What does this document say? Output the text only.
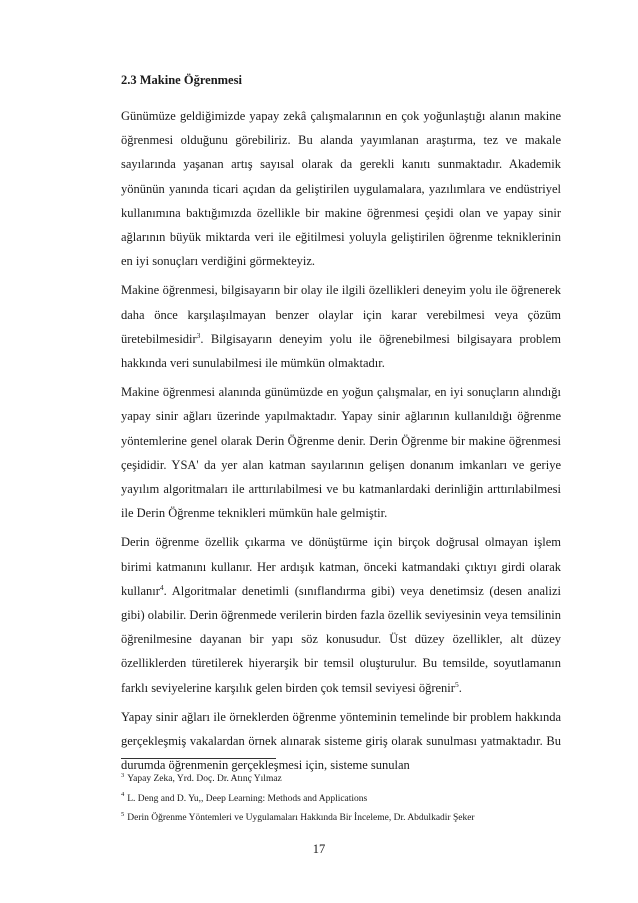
2.3 Makine Öğrenmesi

Günümüze geldiğimizde yapay zekâ çalışmalarının en çok yoğunlaştığı alanın makine öğrenmesi olduğunu görebiliriz. Bu alanda yayımlanan araştırma, tez ve makale sayılarında yaşanan artış sayısal olarak da gerekli kanıtı sunmaktadır. Akademik yönünün yanında ticari açıdan da geliştirilen uygulamalara, yazılımlara ve endüstriyel kullanımına baktığımızda özellikle bir makine öğrenmesi çeşidi olan ve yapay sinir ağlarının büyük miktarda veri ile eğitilmesi yoluyla geliştirilen öğrenme tekniklerinin en iyi sonuçları verdiğini görmekteyiz.

Makine öğrenmesi, bilgisayarın bir olay ile ilgili özellikleri deneyim yolu ile öğrenerek daha önce karşılaşılmayan benzer olaylar için karar verebilmesi veya çözüm üretebilmesidir$^3$. Bilgisayarın deneyim yolu ile öğrenebilmesi bilgisayara problem hakkında veri sunulabilmesi ile mümkün olmaktadır.

Makine öğrenmesi alanında günümüzde en yoğun çalışmalar, en iyi sonuçların alındığı yapay sinir ağları üzerinde yapılmaktadır. Yapay sinir ağlarının kullanıldığı öğrenme yöntemlerine genel olarak Derin Öğrenme denir. Derin Öğrenme bir makine öğrenmesi çeşididir. YSA' da yer alan katman sayılarının gelişen donanım imkanları ve geriye yayılım algoritmaları ile arttırılabilmesi ve bu katmanlardaki derinliğin arttırılabilmesi ile Derin Öğrenme teknikleri mümkün hale gelmiştir.

Derin öğrenme özellik çıkarma ve dönüştürme için birçok doğrusal olmayan işlem birimi katmanını kullanır. Her ardışık katman, önceki katmandaki çıktıyı girdi olarak kullanır$^4$. Algoritmalar denetimli (sınıflandırma gibi) veya denetimsiz (desen analizi gibi) olabilir. Derin öğrenmede verilerin birden fazla özellik seviyesinin veya temsilinin öğrenilmesine dayanan bir yapı söz konusudur. Üst düzey özellikler, alt düzey özelliklerden türetilerek hiyerarşik bir temsil oluşturulur. Bu temsilde, soyutlamanın farklı seviyelerine karşılık gelen birden çok temsil seviyesi öğrenir$^5$.

Yapay sinir ağları ile örneklerden öğrenme yönteminin temelinde bir problem hakkında gerçekleşmiş vakalardan örnek alınarak sisteme giriş olarak sunulması yatmaktadır. Bu durumda öğrenmenin gerçekleşmesi için, sisteme sunulan

$^3$ Yapay Zeka, Yrd. Doç. Dr. Atınç Yılmaz

$^4$ L. Deng and D. Yu,, Deep Learning: Methods and Applications

$^5$ Derin Öğrenme Yöntemleri ve Uygulamaları Hakkında Bir İnceleme, Dr. Abdulkadir Şeker

17
